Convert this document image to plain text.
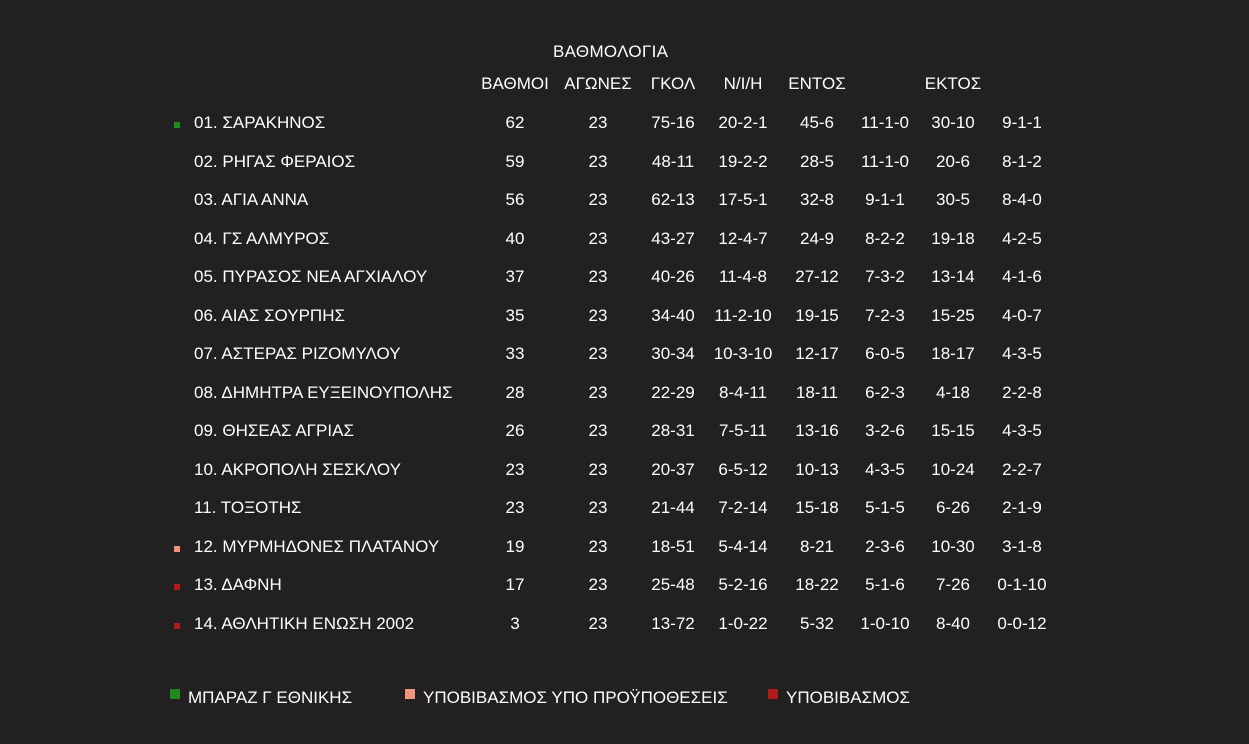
ΒΑΘΜΟΛΟΓΙΑ
ΒΑΘΜΟΙ ΑΓΩΝΕΣ ΓΚΟΛ Ν/Ι/Η ΕΝΤΟΣ	ΕΚΤΟΣ
01. ΣΑΡΑΚΗΝΟΣ	62	23	75-16 20-2-1 45-6 11-1-0 30-10 9-1-1
02. ΡΗΓΑΣ ΦΕΡΑΙΟΣ	59	23	48-11 19-2-2 28-5 11-1-0 20-6 8-1-2
03. ΑΓΙΑ ΑΝΝΑ	56	23	62-13 17-5-1 32-8 9-1-1 30-5 8-4-0
04. ΓΣ ΑΛΜΥΡΟΣ	40	23	43-27 12-4-7 24-9 8-2-2 19-18 4-2-5
05. ΠΥΡΑΣΟΣ ΝΕΑ ΑΓΧΙΑΛΟΥ	37	23	40-26 11-4-8 27-12 7-3-2 13-14 4-1-6
06. ΑΙΑΣ ΣΟΥΡΠΗΣ	35	23	34-40 11-2-10 19-15 7-2-3 15-25 4-0-7
07. ΑΣΤΕΡΑΣ ΡΙΖΟΜΥΛΟΥ	33	23	30-34 10-3-10 12-17 6-0-5 18-17 4-3-5
08. ΔΗΜΗΤΡΑ ΕΥΞΕΙΝΟΥΠΟΛΗΣ	28	23	22-29 8-4-11 18-11 6-2-3 4-18 2-2-8
09. ΘΗΣΕΑΣ ΑΓΡΙΑΣ	26	23	28-31 7-5-11 13-16 3-2-6 15-15 4-3-5
10. ΑΚΡΟΠΟΛΗ ΣΕΣΚΛΟΥ	23	23	20-37 6-5-12 10-13 4-3-5 10-24 2-2-7
11. ΤΟΞΟΤΗΣ	23	23	21-44 7-2-14 15-18 5-1-5 6-26 2-1-9
12. ΜΥΡΜΗΔΟΝΕΣ ΠΛΑΤΑΝΟΥ	19	23	18-51 5-4-14 8-21 2-3-6 10-30 3-1-8
13. ΔΑΦΝΗ	17	23	25-48 5-2-16 18-22 5-1-6 7-26 0-1-10
14. ΑΘΛΗΤΙΚΗ ΕΝΩΣΗ 2002	3	23	13-72 1-0-22 5-32 1-0-10 8-40 0-0-12
ΜΠΑΡΑΖ Γ ΕΘΝΙΚΗΣ	ΥΠΟΒΙΒΑΣΜΟΣ ΥΠΟ ΠΡΟΫΠΟΘΕΣΕΙΣ	ΥΠΟΒΙΒΑΣΜΟΣ
